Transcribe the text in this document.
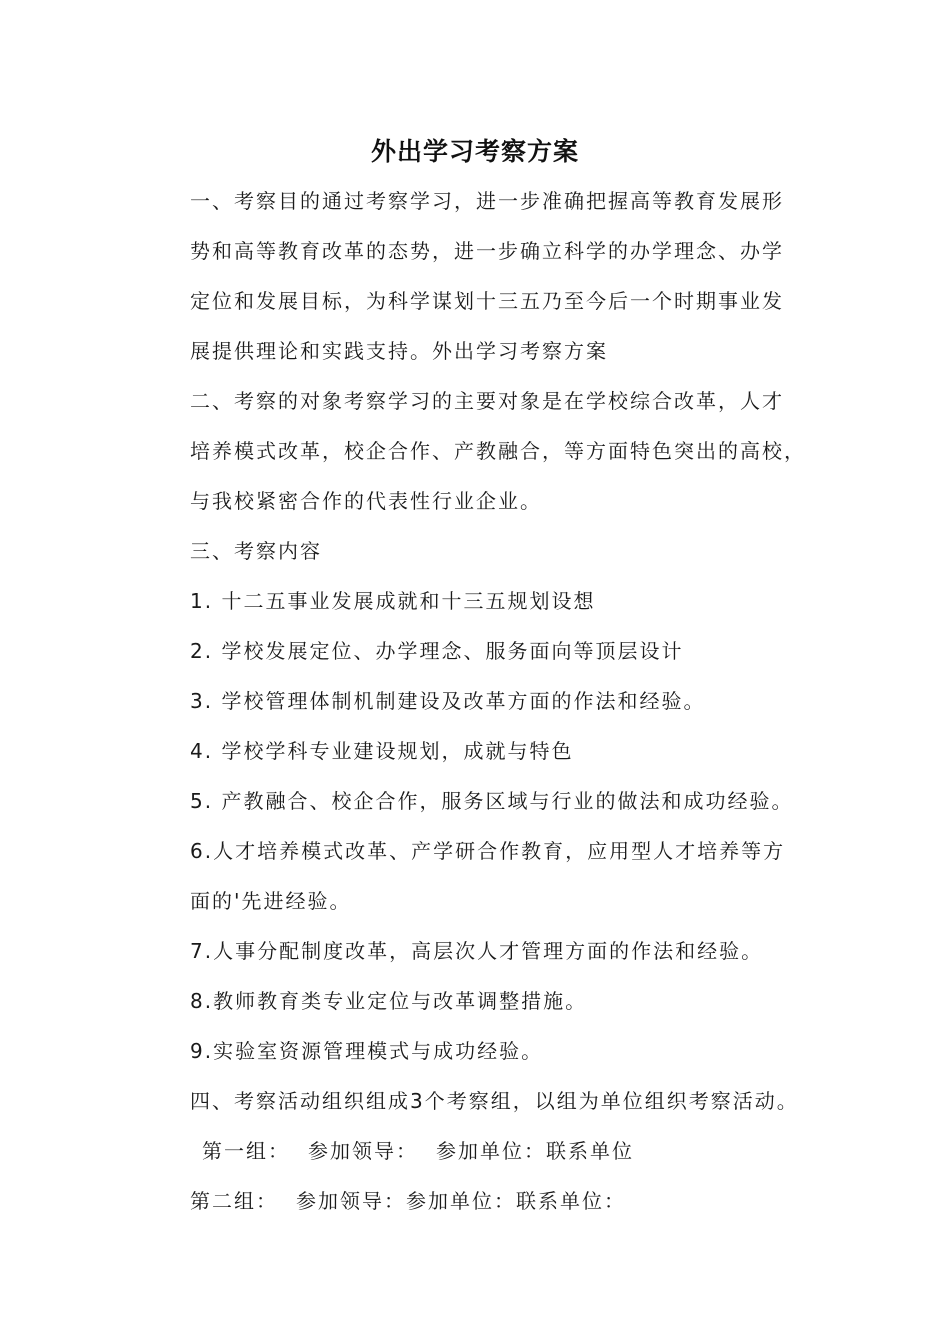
外出学习考察方案
一、考察目的通过考察学习，进一步准确把握高等教育发展形
势和高等教育改革的态势，进一步确立科学的办学理念、办学
定位和发展目标，为科学谋划十三五乃至今后一个时期事业发
展提供理论和实践支持。外出学习考察方案
二、考察的对象考察学习的主要对象是在学校综合改革，人才
培养模式改革，校企合作、产教融合，等方面特色突出的高校，
与我校紧密合作的代表性行业企业。
三、考察内容
1. 十二五事业发展成就和十三五规划设想
2. 学校发展定位、办学理念、服务面向等顶层设计
3. 学校管理体制机制建设及改革方面的作法和经验。
4. 学校学科专业建设规划，成就与特色
5. 产教融合、校企合作，服务区域与行业的做法和成功经验。
6.人才培养模式改革、产学研合作教育，应用型人才培养等方
面的'先进经验。
7.人事分配制度改革，高层次人才管理方面的作法和经验。
8.教师教育类专业定位与改革调整措施。
9.实验室资源管理模式与成功经验。
四、考察活动组织组成3个考察组，以组为单位组织考察活动。
第一组： 参加领导： 参加单位：联系单位
第二组： 参加领导：参加单位：联系单位：
